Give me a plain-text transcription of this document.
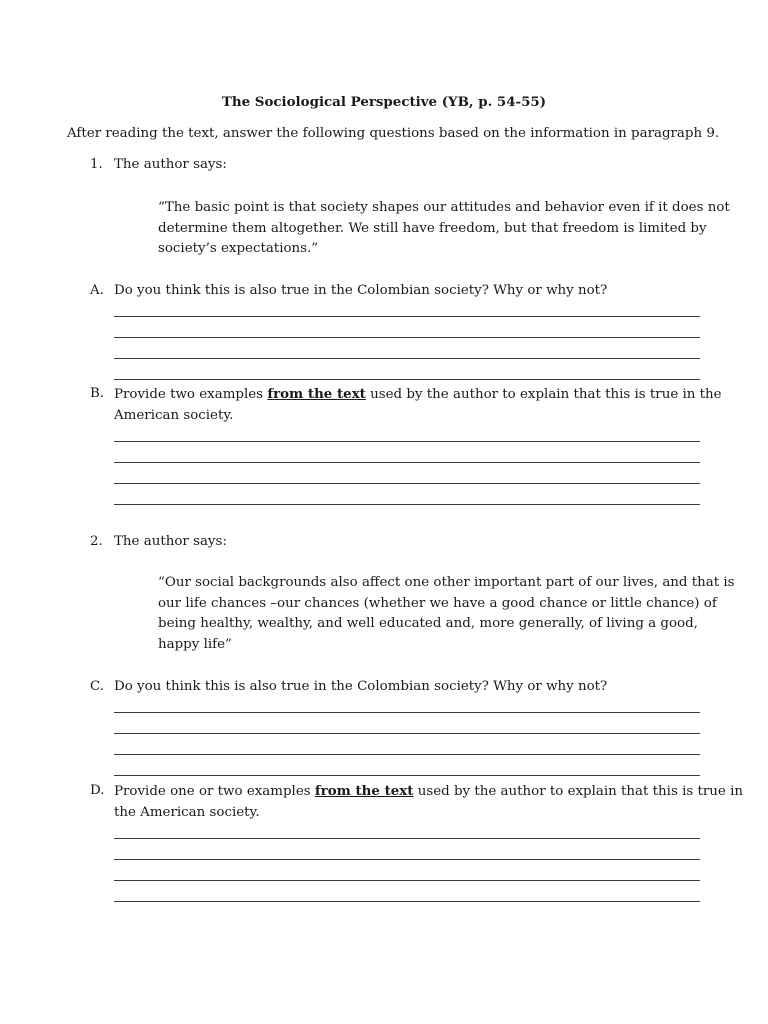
The Sociological Perspective (YB, p. 54-55)
After reading the text, answer the following questions based on the information in paragraph 9.
1. The author says:
“The basic point is that society shapes our attitudes and behavior even if it does not
determine them altogether. We still have freedom, but that freedom is limited by
society’s expectations.”
A. Do you think this is also true in the Colombian society? Why or why not?
B. Provide two examples from the text used by the author to explain that this is true in the
American society.
2. The author says:
“Our social backgrounds also affect one other important part of our lives, and that is
our life chances –our chances (whether we have a good chance or little chance) of
being healthy, wealthy, and well educated and, more generally, of living a good,
happy life”
C. Do you think this is also true in the Colombian society? Why or why not?
D. Provide one or two examples from the text used by the author to explain that this is true in
the American society.
